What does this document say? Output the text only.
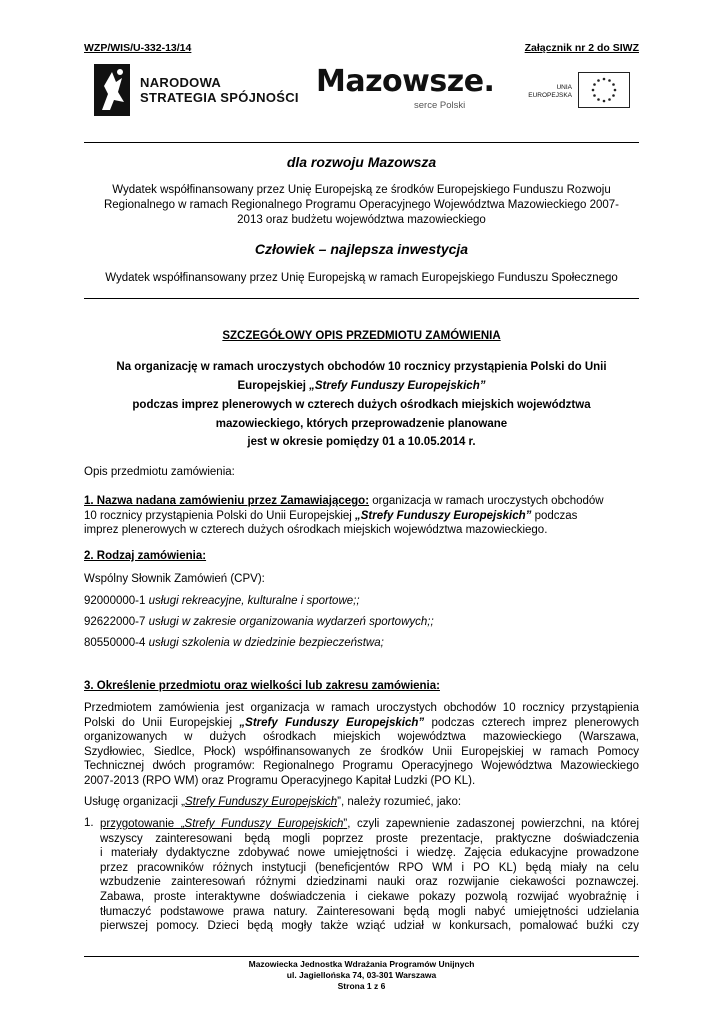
WZP/WIS/U-332-13/14	Załącznik nr 2 do SIWZ
NARODOWA
STRATEGIA SPÓJNOŚCI Mazowsze.
serce Polski
UNIA
EUROPEJSKA
dla rozwoju Mazowsza
Wydatek współfinansowany przez Unię Europejską ze środków Europejskiego Funduszu Rozwoju
Regionalnego w ramach Regionalnego Programu Operacyjnego Województwa Mazowieckiego 2007-
2013 oraz budżetu województwa mazowieckiego
Człowiek – najlepsza inwestycja
Wydatek współfinansowany przez Unię Europejską w ramach Europejskiego Funduszu Społecznego
SZCZEGÓŁOWY OPIS PRZEDMIOTU ZAMÓWIENIA
Na organizację w ramach uroczystych obchodów 10 rocznicy przystąpienia Polski do Unii
Europejskiej „Strefy Funduszy Europejskich”
podczas imprez plenerowych w czterech dużych ośrodkach miejskich województwa
mazowieckiego, których przeprowadzenie planowane
jest w okresie pomiędzy 01 a 10.05.2014 r.
Opis przedmiotu zamówienia:
1. Nazwa nadana zamówieniu przez Zamawiającego: organizacja w ramach uroczystych obchodów
10 rocznicy przystąpienia Polski do Unii Europejskiej „Strefy Funduszy Europejskich” podczas
imprez plenerowych w czterech dużych ośrodkach miejskich województwa mazowieckiego.
2. Rodzaj zamówienia:
Wspólny Słownik Zamówień (CPV):
92000000-1 usługi rekreacyjne, kulturalne i sportowe;;
92622000-7 usługi w zakresie organizowania wydarzeń sportowych;;
80550000-4 usługi szkolenia w dziedzinie bezpieczeństwa;
3. Określenie przedmiotu oraz wielkości lub zakresu zamówienia:
Przedmiotem zamówienia jest organizacja w ramach uroczystych obchodów 10 rocznicy przystąpienia
Polski do Unii Europejskiej „Strefy Funduszy Europejskich” podczas czterech imprez plenerowych
organizowanych w dużych ośrodkach miejskich województwa mazowieckiego (Warszawa,
Szydłowiec, Siedlce, Płock) współfinansowanych ze środków Unii Europejskiej w ramach Pomocy
Technicznej dwóch programów: Regionalnego Programu Operacyjnego Województwa Mazowieckiego
2007-2013 (RPO WM) oraz Programu Operacyjnego Kapitał Ludzki (PO KL).
Usługę organizacji „Strefy Funduszy Europejskich”, należy rozumieć, jako:
1. przygotowanie „Strefy Funduszy Europejskich”, czyli zapewnienie zadaszonej powierzchni, na której
wszyscy zainteresowani będą mogli poprzez proste prezentacje, praktyczne doświadczenia
i materiały dydaktyczne zdobywać nowe umiejętności i wiedzę. Zajęcia edukacyjne prowadzone
przez pracowników różnych instytucji (beneficjentów RPO WM i PO KL) będą miały na celu
wzbudzenie zainteresowań różnymi dziedzinami nauki oraz rozwijanie ciekawości poznawczej.
Zabawa, proste interaktywne doświadczenia i ciekawe pokazy pozwolą rozwijać wyobraźnię i
tłumaczyć podstawowe prawa natury. Zainteresowani będą mogli nabyć umiejętności udzielania
pierwszej pomocy. Dzieci będą mogły także wziąć udział w konkursach, pomalować buźki czy
Mazowiecka Jednostka Wdrażania Programów Unijnych
ul. Jagiellońska 74, 03-301 Warszawa
Strona 1 z 6
